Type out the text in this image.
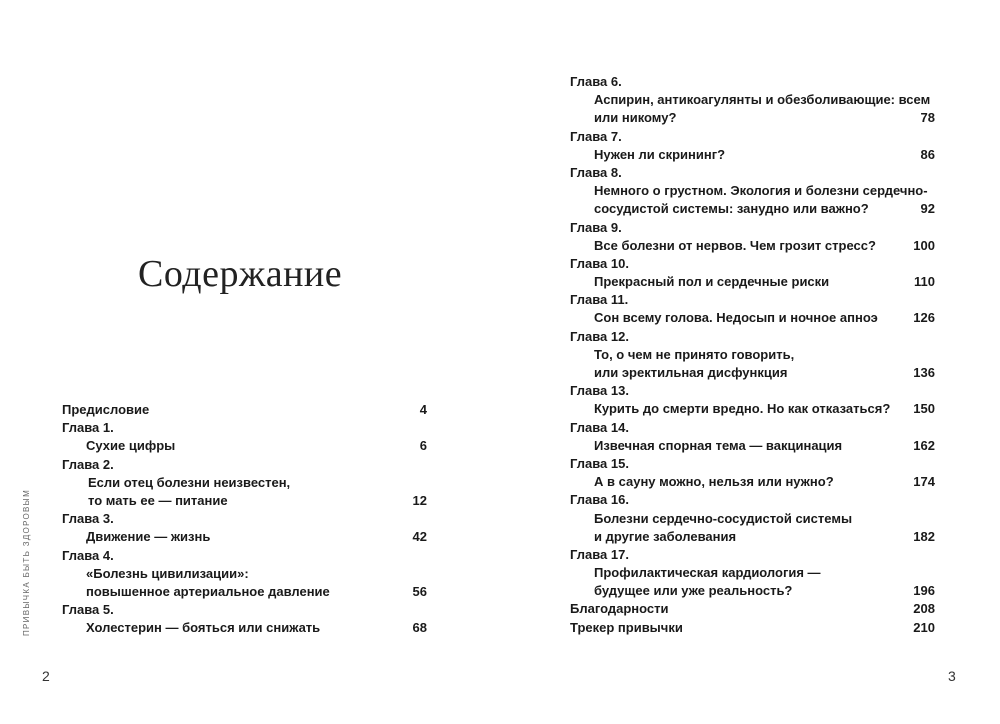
Содержание
Предисловие	4
Глава 1.
Сухие цифры	6
Глава 2.
Если отец болезни неизвестен,
то мать ее — питание	12
Глава 3.
Движение — жизнь	42
Глава 4.
«Болезнь цивилизации»:
повышенное артериальное давление	56
Глава 5.
Холестерин — бояться или снижать	68
ПРИВЫЧКА БЫТЬ ЗДОРОВЫМ
2
Глава 6.
Аспирин, антикоагулянты и обезболивающие: всем
или никому?	78
Глава 7.
Нужен ли скрининг?	86
Глава 8.
Немного о грустном. Экология и болезни сердечно-
сосудистой системы: занудно или важно?	92
Глава 9.
Все болезни от нервов. Чем грозит стресс?	100
Глава 10.
Прекрасный пол и сердечные риски	110
Глава 11.
Сон всему голова. Недосып и ночное апноэ	126
Глава 12.
То, о чем не принято говорить,
или эректильная дисфункция	136
Глава 13.
Курить до смерти вредно. Но как отказаться? 150
Глава 14.
Извечная спорная тема — вакцинация	162
Глава 15.
А в сауну можно, нельзя или нужно?	174
Глава 16.
Болезни сердечно-сосудистой системы
и другие заболевания	182
Глава 17.
Профилактическая кардиология —
будущее или уже реальность?	196
Благодарности	208
Трекер привычки	210
3
